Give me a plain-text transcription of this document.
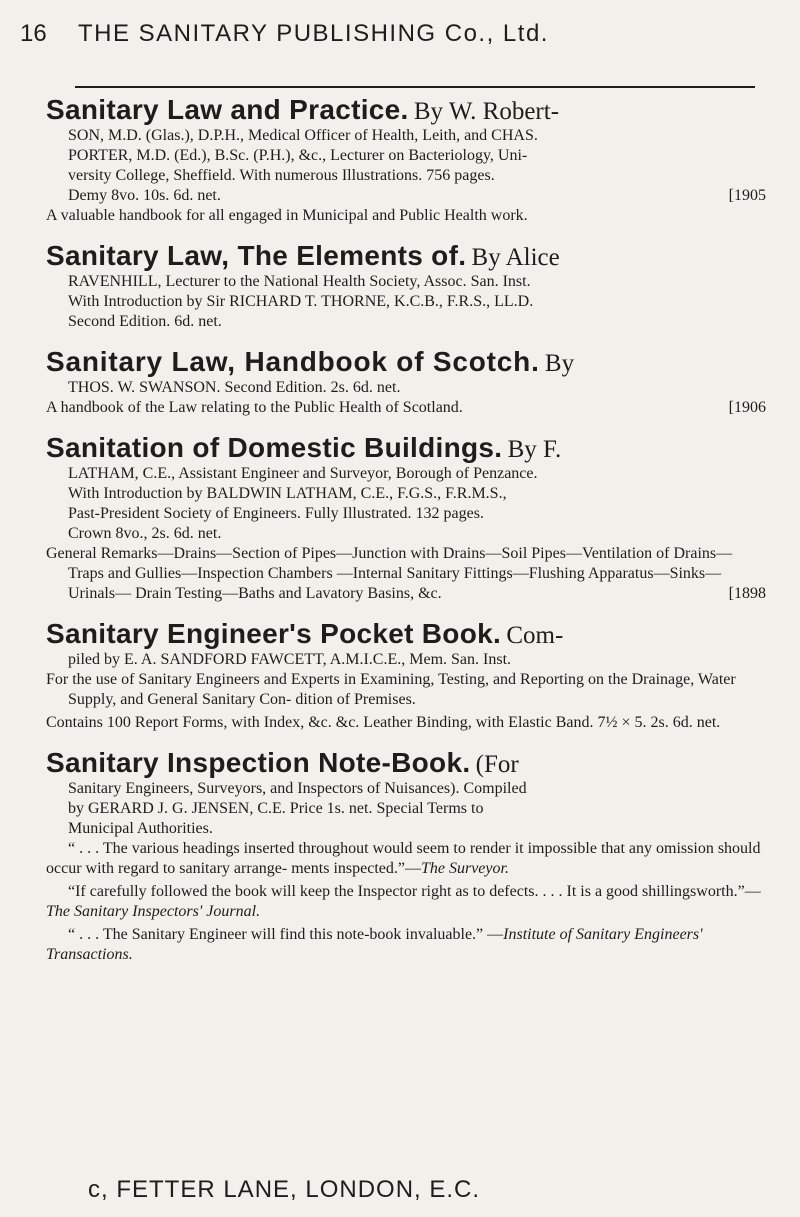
16 THE SANITARY PUBLISHING Co., Ltd.

Sanitary Law and Practice. By W. Robert-

SON, M.D. (Glas.), D.P.H., Medical Officer of Health, Leith, and CHAS.
PORTER, M.D. (Ed.), B.Sc. (P.H.), &c., Lecturer on Bacteriology, Uni-
versity College, Sheffield. With numerous Illustrations. 756 pages.
[1905
Demy 8vo. 10s. 6d. net.

A valuable handbook for all engaged in Municipal and Public Health work.

Sanitary Law, The Elements of. By Alice

RAVENHILL, Lecturer to the National Health Society, Assoc. San. Inst.
With Introduction by Sir RICHARD T. THORNE, K.C.B., F.R.S., LL.D.
Second Edition. 6d. net.

Sanitary Law, Handbook of Scotch. By

THOS. W. SWANSON. Second Edition. 2s. 6d. net.

[1906
A handbook of the Law relating to the Public Health of Scotland.

Sanitation of Domestic Buildings. By F.

LATHAM, C.E., Assistant Engineer and Surveyor, Borough of Penzance.
With Introduction by BALDWIN LATHAM, C.E., F.G.S., F.R.M.S.,
Past-President Society of Engineers. Fully Illustrated. 132 pages.
Crown 8vo., 2s. 6d. net.

General Remarks—Drains—Section of Pipes—Junction with Drains—Soil Pipes—Ventilation of Drains—Traps and Gullies—Inspection Chambers —Internal Sanitary Fittings—Flushing Apparatus—Sinks—Urinals— Drain Testing—Baths and Lavatory Basins, &c.	[1898

Sanitary Engineer's Pocket Book. Com-

piled by E. A. SANDFORD FAWCETT, A.M.I.C.E., Mem. San. Inst.

For the use of Sanitary Engineers and Experts in Examining, Testing, and Reporting on the Drainage, Water Supply, and General Sanitary Con- dition of Premises.

Contains 100 Report Forms, with Index, &c. &c. Leather Binding, with Elastic Band. 7½ × 5. 2s. 6d. net.

Sanitary Inspection Note-Book. (For

Sanitary Engineers, Surveyors, and Inspectors of Nuisances). Compiled
by GERARD J. G. JENSEN, C.E. Price 1s. net. Special Terms to
Municipal Authorities.

“ . . . The various headings inserted throughout would seem to render it impossible that any omission should occur with regard to sanitary arrange- ments inspected.”—The Surveyor.

“If carefully followed the book will keep the Inspector right as to defects. . . . It is a good shillingsworth.”—The Sanitary Inspectors' Journal.

“ . . . The Sanitary Engineer will find this note-book invaluable.” —Institute of Sanitary Engineers' Transactions.

c, FETTER LANE, LONDON, E.C.
